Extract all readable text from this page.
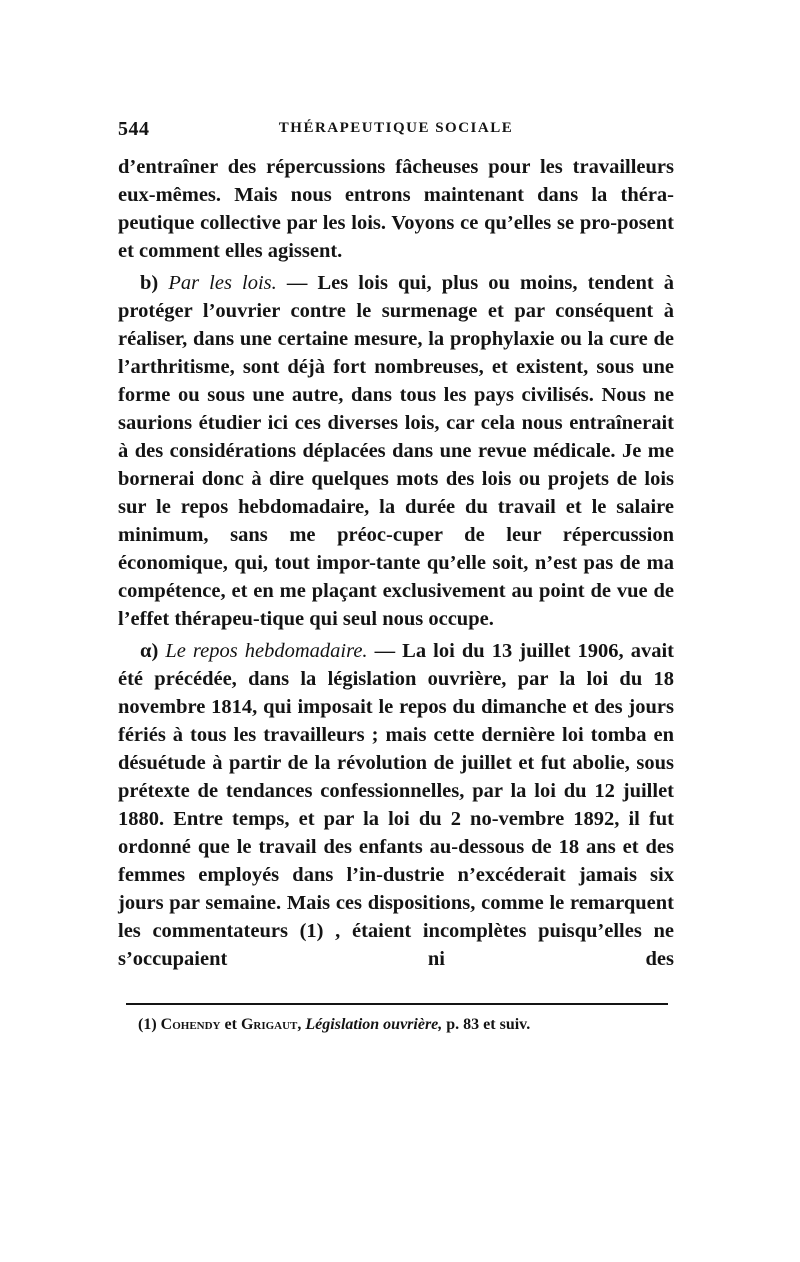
544	THÉRAPEUTIQUE SOCIALE

d’entraîner des répercussions fâcheuses pour les travailleurs eux-mêmes. Mais nous entrons maintenant dans la théra-peutique collective par les lois. Voyons ce qu’elles se pro-posent et comment elles agissent.

b) Par les lois. — Les lois qui, plus ou moins, tendent à protéger l’ouvrier contre le surmenage et par conséquent à réaliser, dans une certaine mesure, la prophylaxie ou la cure de l’arthritisme, sont déjà fort nombreuses, et existent, sous une forme ou sous une autre, dans tous les pays civilisés. Nous ne saurions étudier ici ces diverses lois, car cela nous entraînerait à des considérations déplacées dans une revue médicale. Je me bornerai donc à dire quelques mots des lois ou projets de lois sur le repos hebdomadaire, la durée du travail et le salaire minimum, sans me préoc-cuper de leur répercussion économique, qui, tout impor-tante qu’elle soit, n’est pas de ma compétence, et en me plaçant exclusivement au point de vue de l’effet thérapeu-tique qui seul nous occupe.

α) Le repos hebdomadaire. — La loi du 13 juillet 1906, avait été précédée, dans la législation ouvrière, par la loi du 18 novembre 1814, qui imposait le repos du dimanche et des jours fériés à tous les travailleurs ; mais cette dernière loi tomba en désuétude à partir de la révolution de juillet et fut abolie, sous prétexte de tendances confessionnelles, par la loi du 12 juillet 1880. Entre temps, et par la loi du 2 no-vembre 1892, il fut ordonné que le travail des enfants au-dessous de 18 ans et des femmes employés dans l’in-dustrie n’excéderait jamais six jours par semaine. Mais ces dispositions, comme le remarquent les commentateurs (1) , étaient incomplètes puisqu’elles ne s’occupaient ni des

(1) Cohendy et Grigaut, Législation ouvrière, p. 83 et suiv.
